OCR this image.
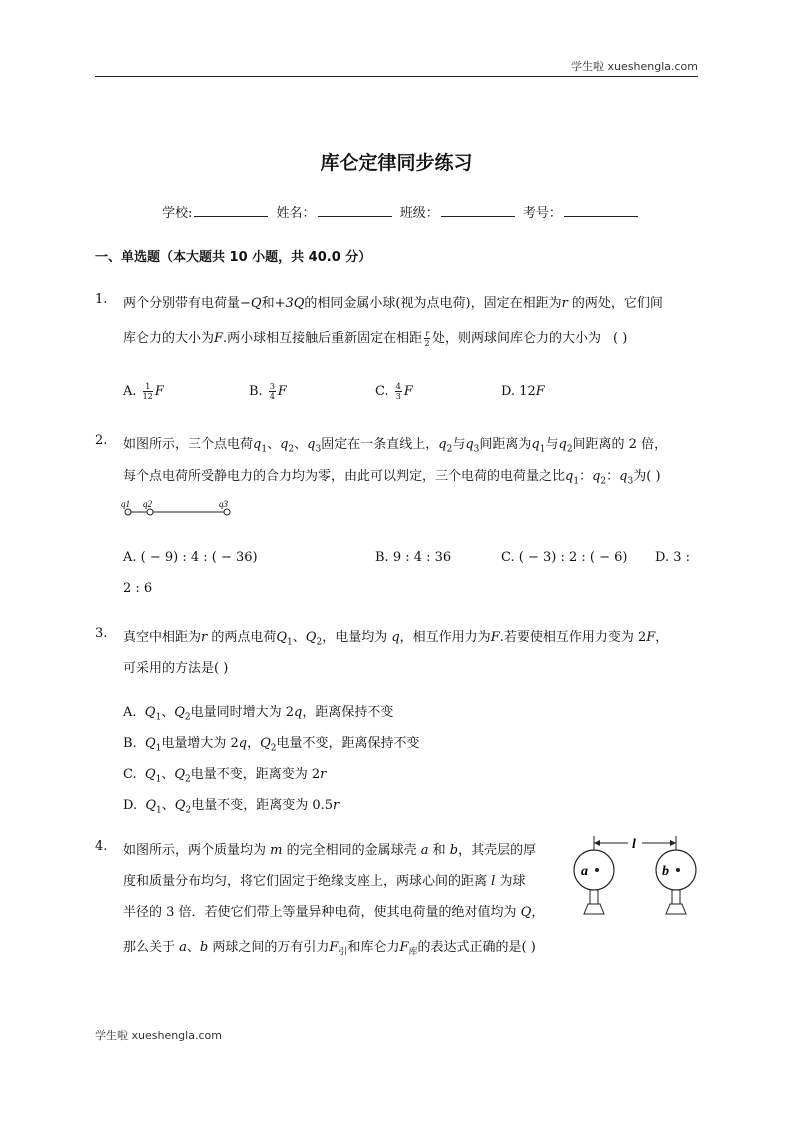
学生啦 xueshengla.com
库仑定律同步练习
学校:	姓名：	班级：	考号：
一、单选题（本大题共 10 小题，共 40.0 分）
1. 两个分别带有电荷量−Q和+3Q的相同金属小球(视为点电荷)，固定在相距为r 的两处，它们间
库仑力的大小为F.两小球相互接触后重新固定在相距 $\frac{r}{2}$ 处，则两球间库仑力的大小为 ( )
A. $\frac{1}{12}$ F	B. $\frac{3}{4}$ F	C. $\frac{4}{3}$ F	D. 12F
2. 如图所示，三个点电荷$q_1$、$q_2$、$q_3$固定在一条直线上，$q_2$与$q_3$间距离为$q_1$与$q_2$间距离的 2 倍，
每个点电荷所受静电力的合力均为零，由此可以判定，三个电荷的电荷量之比$q_1$：$q_2$：$q_3$为( )
q1 q2	q3
A. ( − 9) : 4 : ( − 36)	B. 9 : 4 : 36	C. ( − 3) : 2 : ( − 6) D. 3 :
2 : 6
3. 真空中相距为r 的两点电荷$Q_1$、$Q_2$，电量均为 q，相互作用力为F.若要使相互作用力变为 2F，
可采用的方法是( )
A. $Q_1$、$Q_2$电量同时增大为 2q，距离保持不变
B. $Q_1$电量增大为 2q，$Q_2$电量不变，距离保持不变
C. $Q_1$、$Q_2$电量不变，距离变为 2r
D. $Q_1$、$Q_2$电量不变，距离变为 0.5r
4. 如图所示，两个质量均为 m 的完全相同的金属球壳 a 和 b，其壳层的厚
度和质量分布均匀，将它们固定于绝缘支座上，两球心间的距离 l 为球
半径的 3 倍．若使它们带上等量异种电荷，使其电荷量的绝对值均为 Q，
那么关于 a、b 两球之间的万有引力$F_引$和库仑力$F_库$的表达式正确的是( )
l
a	b
学生啦 xueshengla.com
